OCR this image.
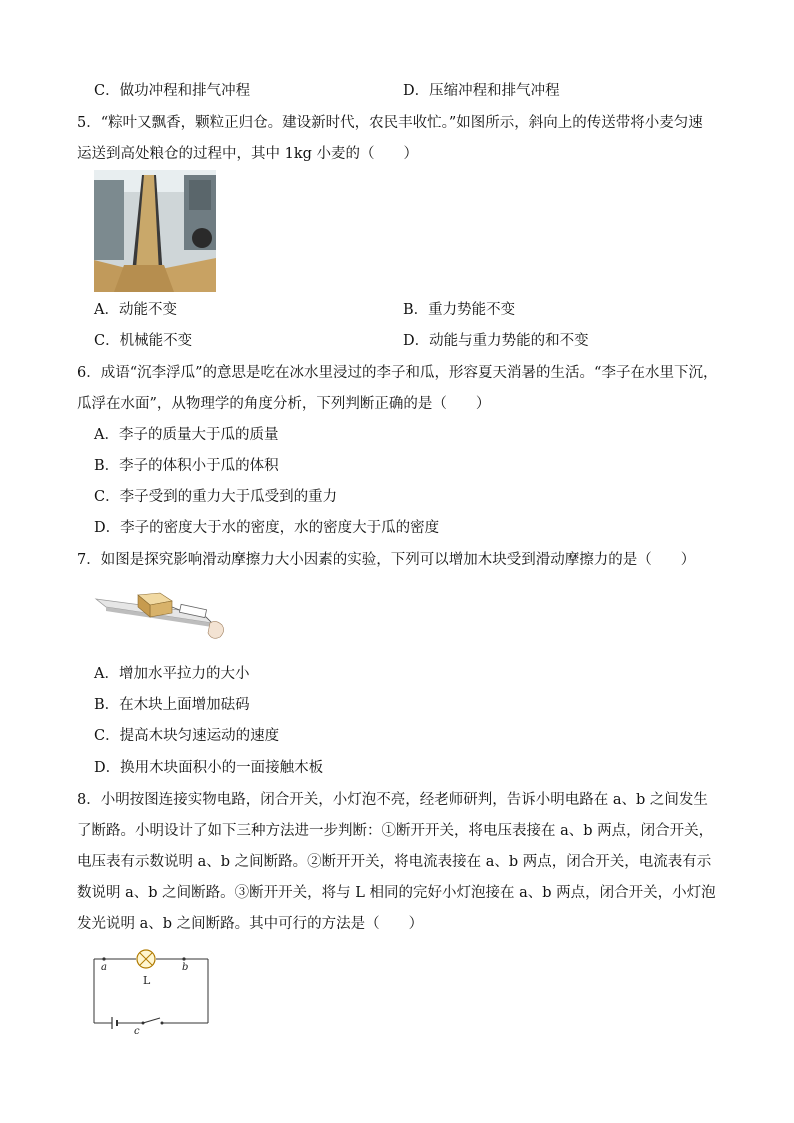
C．做功冲程和排气冲程	D．压缩冲程和排气冲程
5．“粽叶又飘香，颗粒正归仓。建设新时代，农民丰收忙。”如图所示，斜向上的传送带将小麦匀速
运送到高处粮仓的过程中，其中 1kg 小麦的（　　）
A．动能不变	B．重力势能不变
C．机械能不变	D．动能与重力势能的和不变
6．成语“沉李浮瓜”的意思是吃在冰水里浸过的李子和瓜，形容夏天消暑的生活。“李子在水里下沉，
瓜浮在水面”，从物理学的角度分析，下列判断正确的是（　　）
A．李子的质量大于瓜的质量
B．李子的体积小于瓜的体积
C．李子受到的重力大于瓜受到的重力
D．李子的密度大于水的密度，水的密度大于瓜的密度
7．如图是探究影响滑动摩擦力大小因素的实验，下列可以增加木块受到滑动摩擦力的是（　　）
A．增加水平拉力的大小
B．在木块上面增加砝码
C．提高木块匀速运动的速度
D．换用木块面积小的一面接触木板
8．小明按图连接实物电路，闭合开关，小灯泡不亮，经老师研判，告诉小明电路在 a、b 之间发生
了断路。小明设计了如下三种方法进一步判断：①断开开关，将电压表接在 a、b 两点，闭合开关，
电压表有示数说明 a、b 之间断路。②断开开关，将电流表接在 a、b 两点，闭合开关，电流表有示
数说明 a、b 之间断路。③断开开关，将与 L 相同的完好小灯泡接在 a、b 两点，闭合开关，小灯泡
发光说明 a、b 之间断路。其中可行的方法是（　　）
a	b
L
c
